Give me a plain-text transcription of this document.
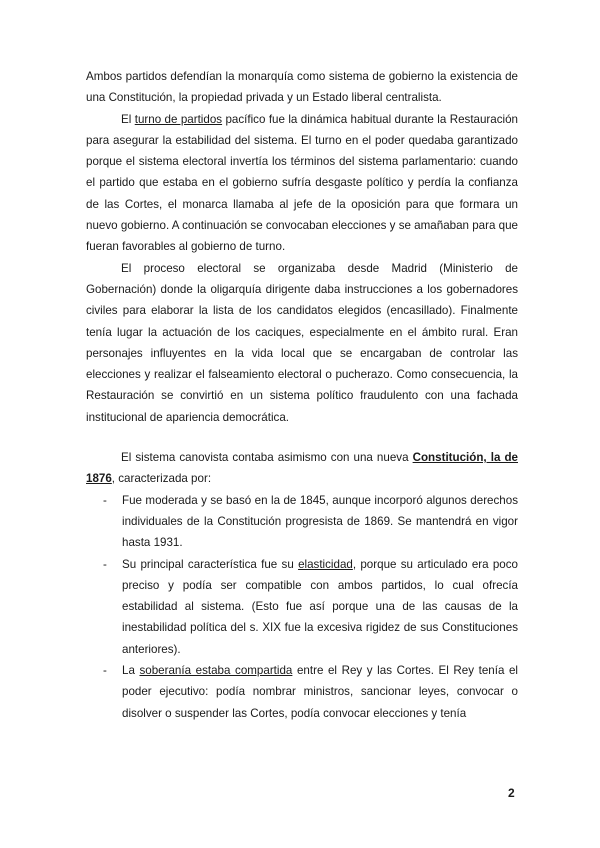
Ambos partidos defendían la monarquía como sistema de gobierno la existencia de una Constitución, la propiedad privada y un Estado liberal centralista.

El turno de partidos pacífico fue la dinámica habitual durante la Restauración para asegurar la estabilidad del sistema. El turno en el poder quedaba garantizado porque el sistema electoral invertía los términos del sistema parlamentario: cuando el partido que estaba en el gobierno sufría desgaste político y perdía la confianza de las Cortes, el monarca llamaba al jefe de la oposición para que formara un nuevo gobierno. A continuación se convocaban elecciones y se amañaban para que fueran favorables al gobierno de turno.

El proceso electoral se organizaba desde Madrid (Ministerio de Gobernación) donde la oligarquía dirigente daba instrucciones a los gobernadores civiles para elaborar la lista de los candidatos elegidos (encasillado). Finalmente tenía lugar la actuación de los caciques, especialmente en el ámbito rural. Eran personajes influyentes en la vida local que se encargaban de controlar las elecciones y realizar el falseamiento electoral o pucherazo. Como consecuencia, la Restauración se convirtió en un sistema político fraudulento con una fachada institucional de apariencia democrática.

El sistema canovista contaba asimismo con una nueva Constitución, la de 1876, caracterizada por:

- Fue moderada y se basó en la de 1845, aunque incorporó algunos derechos individuales de la Constitución progresista de 1869. Se mantendrá en vigor hasta 1931.
- Su principal característica fue su elasticidad, porque su articulado era poco preciso y podía ser compatible con ambos partidos, lo cual ofrecía estabilidad al sistema. (Esto fue así porque una de las causas de la inestabilidad política del s. XIX fue la excesiva rigidez de sus Constituciones anteriores).
- La soberanía estaba compartida entre el Rey y las Cortes. El Rey tenía el poder ejecutivo: podía nombrar ministros, sancionar leyes, convocar o disolver o suspender las Cortes, podía convocar elecciones y tenía
2
